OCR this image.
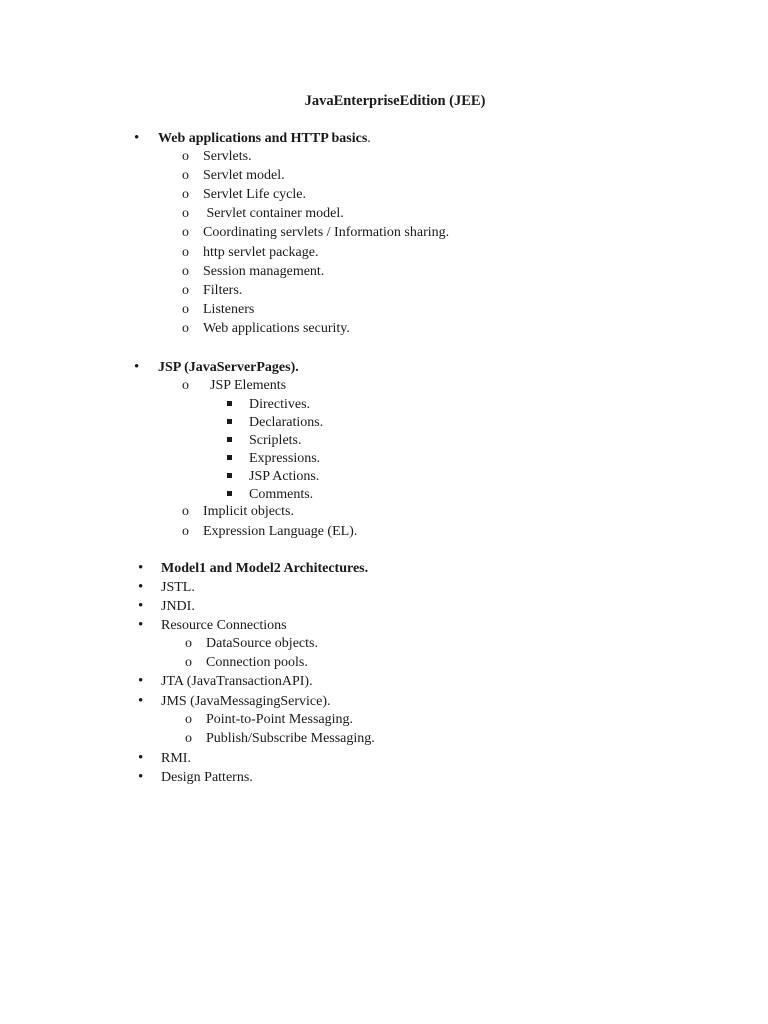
JavaEnterpriseEdition (JEE)
• Web applications and HTTP basics.
o Servlets.
o Servlet model.
o Servlet Life cycle.
o Servlet container model.
o Coordinating servlets / Information sharing.
o http servlet package.
o Session management.
o Filters.
o Listeners
o Web applications security.
• JSP (JavaServerPages).
o JSP Elements
Directives.
Declarations.
Scriplets.
Expressions.
JSP Actions.
Comments.
o Implicit objects.
o Expression Language (EL).
• Model1 and Model2 Architectures.
• JSTL.
• JNDI.
• Resource Connections
o DataSource objects.
o Connection pools.
• JTA (JavaTransactionAPI).
• JMS (JavaMessagingService).
o Point-to-Point Messaging.
o Publish/Subscribe Messaging.
• RMI.
• Design Patterns.
